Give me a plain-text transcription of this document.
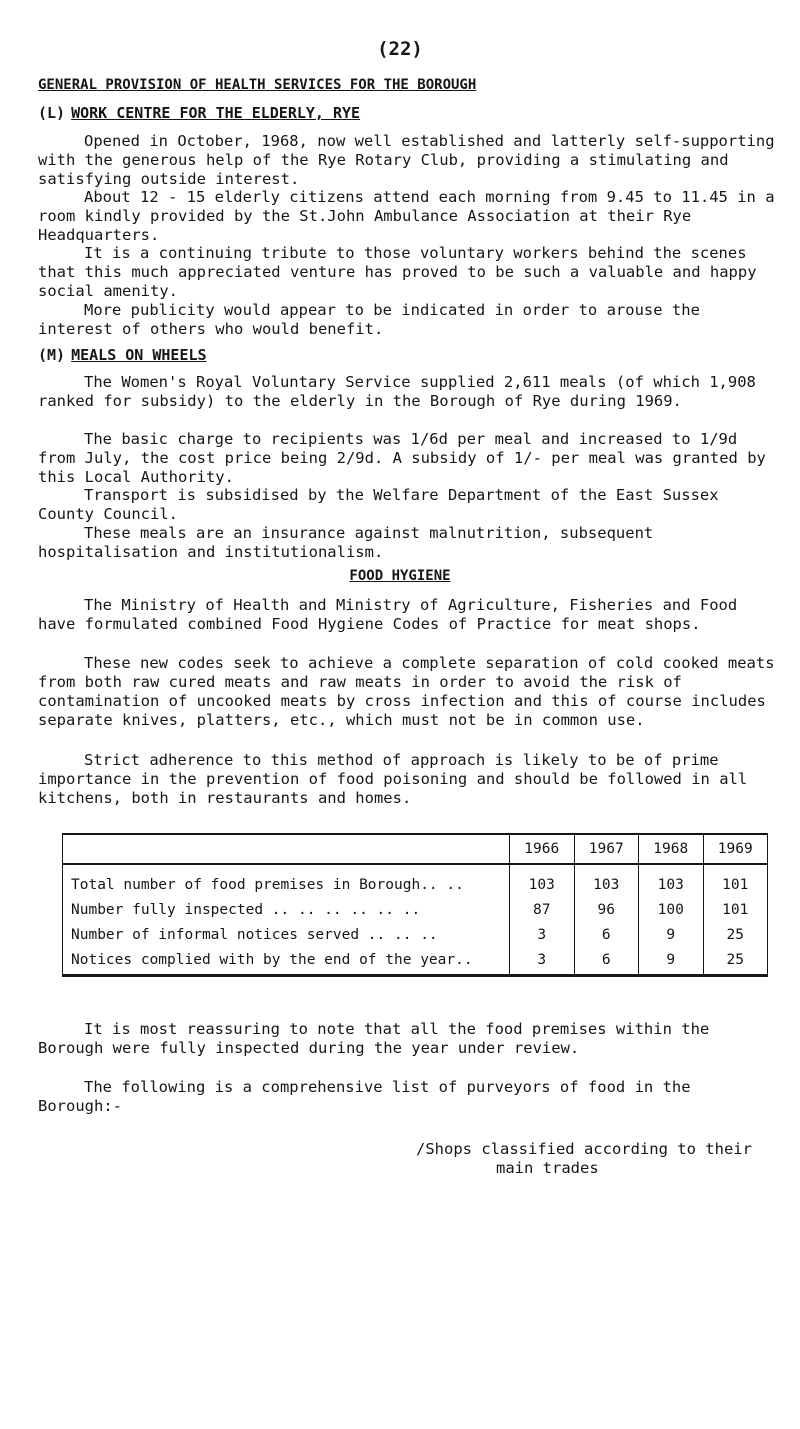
(22)
GENERAL PROVISION OF HEALTH SERVICES FOR THE BOROUGH
(L) WORK CENTRE FOR THE ELDERLY, RYE

Opened in October, 1968, now well established and latterly self-supporting with the generous help of the Rye Rotary Club, providing a stimulating and satisfying outside interest.

About 12 - 15 elderly citizens attend each morning from 9.45 to 11.45 in a room kindly provided by the St.John Ambulance Association at their Rye Headquarters.

It is a continuing tribute to those voluntary workers behind the scenes that this much appreciated venture has proved to be such a valuable and happy social amenity.

More publicity would appear to be indicated in order to arouse the interest of others who would benefit.

(M) MEALS ON WHEELS

The Women's Royal Voluntary Service supplied 2,611 meals (of which 1,908 ranked for subsidy) to the elderly in the Borough of Rye during 1969.

The basic charge to recipients was 1/6d per meal and increased to 1/9d from July, the cost price being 2/9d. A subsidy of 1/- per meal was granted by this Local Authority.

Transport is subsidised by the Welfare Department of the East Sussex County Council.

These meals are an insurance against malnutrition, subsequent hospitalisation and institutionalism.

FOOD HYGIENE

The Ministry of Health and Ministry of Agriculture, Fisheries and Food have formulated combined Food Hygiene Codes of Practice for meat shops.

These new codes seek to achieve a complete separation of cold cooked meats from both raw cured meats and raw meats in order to avoid the risk of contamination of uncooked meats by cross infection and this of course includes separate knives, platters, etc., which must not be in common use.

Strict adherence to this method of approach is likely to be of prime importance in the prevention of food poisoning and should be followed in all kitchens, both in restaurants and homes.

	1966	1967	1968	1969
Total number of food premises in Borough.. ..	103	103	103	101
Number fully inspected .. .. .. .. .. ..	87	96	100	101
Number of informal notices served .. .. ..	3	6	9	25
Notices complied with by the end of the year..	3	6	9	25

It is most reassuring to note that all the food premises within the Borough were fully inspected during the year under review.

The following is a comprehensive list of purveyors of food in the Borough:-

/Shops classified according to their
main trades
